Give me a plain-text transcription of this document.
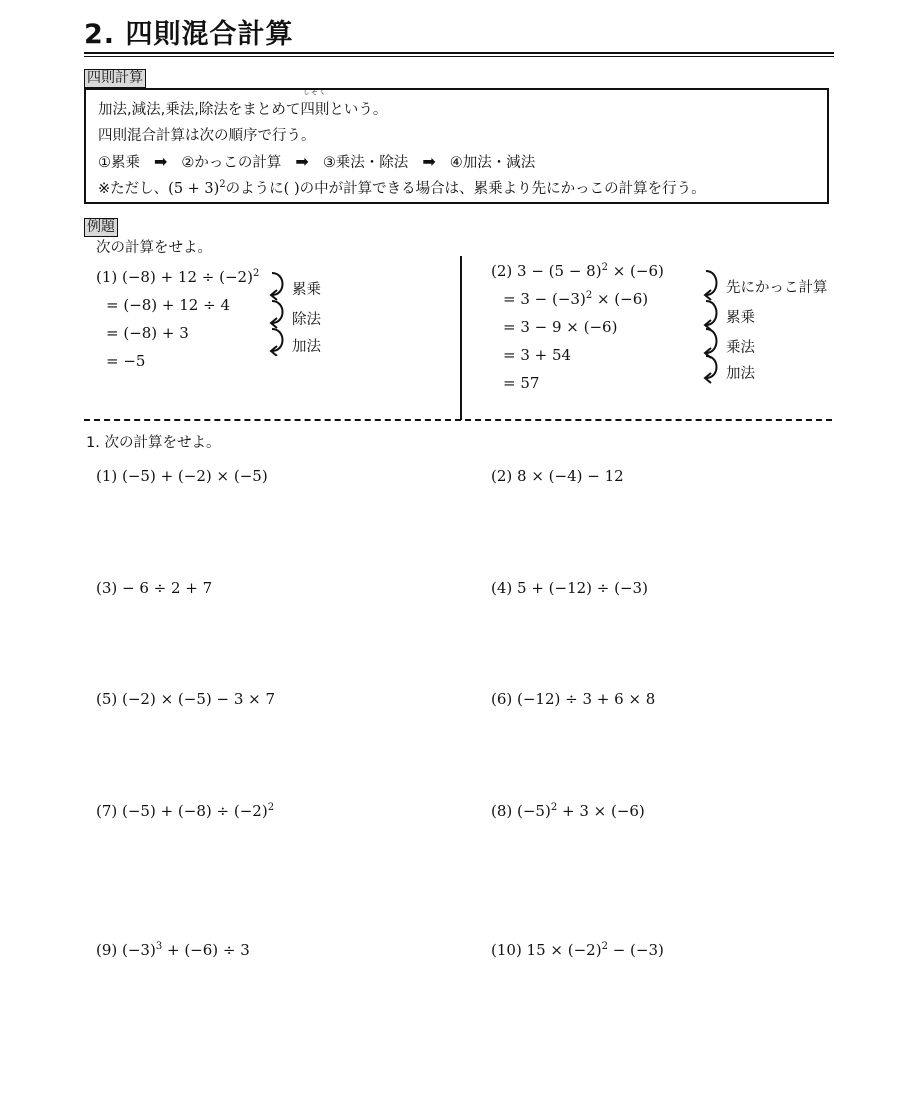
2. 四則混合計算
四則計算
加法,減法,乗法,除法をまとめて四則
しそく
という。
四則混合計算は次の順序で行う。
①累乗 ➡ ②かっこの計算 ➡ ③乗法・除法 ➡ ④加法・減法
※ただし、$(5 + 3)^2$のように( )の中が計算できる場合は、累乗より先にかっこの計算を行う。
例題
次の計算をせよ。
(1) $(-8) + 12 \div (-2)^2$
= (−8) + 12 ÷ 4
= (−8) + 3
= −5
累乗
除法
加法
(2) $3 - (5 - 8)^2 \times (-6)$
= $3 - (-3)^2 \times (-6)$
= 3 − 9 × (−6)
= 3 + 54
= 57
先にかっこ計算
累乗
乗法
加法
1. 次の計算をせよ。
(1) (−5) + (−2) × (−5)	(2) 8 × (−4) − 12
(3) − 6 ÷ 2 + 7	(4) 5 + (−12) ÷ (−3)
(5) (−2) × (−5) − 3 × 7	(6) (−12) ÷ 3 + 6 × 8
(7) $(-5) + (-8) \div (-2)^2$	(8) $(-5)^2 + 3 \times (-6)$
(9) $(-3)^3 + (-6) \div 3$	(10) $15 \times (-2)^2 - (-3)$
